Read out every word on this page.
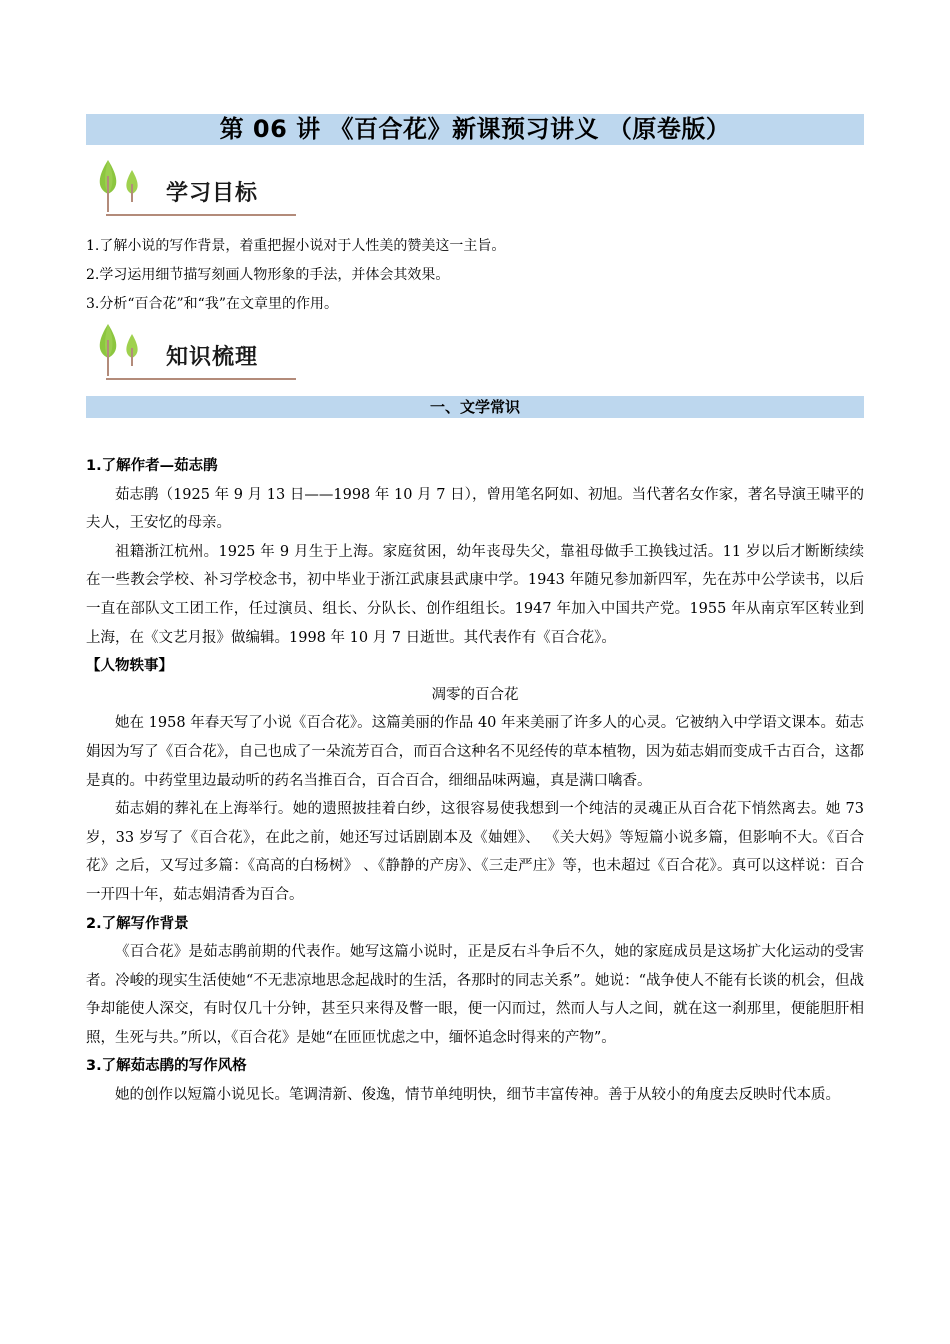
第 06 讲 《百合花》新课预习讲义 （原卷版）
学习目标
1.了解小说的写作背景，着重把握小说对于人性美的赞美这一主旨。
2.学习运用细节描写刻画人物形象的手法，并体会其效果。
3.分析“百合花”和“我”在文章里的作用。
知识梳理
一、文学常识
1.了解作者—茹志鹃

茹志鹃（1925 年 9 月 13 日——1998 年 10 月 7 日），曾用笔名阿如、初旭。当代著名女作家，著名导演王啸平的夫人，王安忆的母亲。

祖籍浙江杭州。1925 年 9 月生于上海。家庭贫困，幼年丧母失父，靠祖母做手工换钱过活。11 岁以后才断断续续在一些教会学校、补习学校念书，初中毕业于浙江武康县武康中学。1943 年随兄参加新四军，先在苏中公学读书，以后一直在部队文工团工作，任过演员、组长、分队长、创作组组长。1947 年加入中国共产党。1955 年从南京军区转业到上海，在《文艺月报》做编辑。1998 年 10 月 7 日逝世。其代表作有《百合花》。

【人物轶事】

凋零的百合花

她在 1958 年春天写了小说《百合花》。这篇美丽的作品 40 年来美丽了许多人的心灵。它被纳入中学语文课本。茹志娟因为写了《百合花》，自己也成了一朵流芳百合，而百合这种名不见经传的草本植物，因为茹志娟而变成千古百合，这都是真的。中药堂里边最动听的药名当推百合，百合百合，细细品味两遍，真是满口噙香。

茹志娟的葬礼在上海举行。她的遗照披挂着白纱，这很容易使我想到一个纯洁的灵魂正从百合花下悄然离去。她 73 岁，33 岁写了《百合花》，在此之前，她还写过话剧剧本及《妯娌》、 《关大妈》等短篇小说多篇，但影响不大。《百合花》之后，又写过多篇：《高高的白杨树》 、《静静的产房》、《三走严庄》等，也未超过《百合花》。真可以这样说：百合一开四十年，茹志娟清香为百合。

2.了解写作背景

《百合花》是茹志鹃前期的代表作。她写这篇小说时，正是反右斗争后不久，她的家庭成员是这场扩大化运动的受害者。冷峻的现实生活使她“不无悲凉地思念起战时的生活，各那时的同志关系”。她说：“战争使人不能有长谈的机会，但战争却能使人深交，有时仅几十分钟，甚至只来得及瞥一眼，便一闪而过，然而人与人之间，就在这一刹那里，便能胆肝相照，生死与共。”所以，《百合花》是她“在匝匝忧虑之中，缅怀追念时得来的产物”。

3.了解茹志鹃的写作风格

她的创作以短篇小说见长。笔调清新、俊逸，情节单纯明快，细节丰富传神。善于从较小的角度去反映时代本质。
